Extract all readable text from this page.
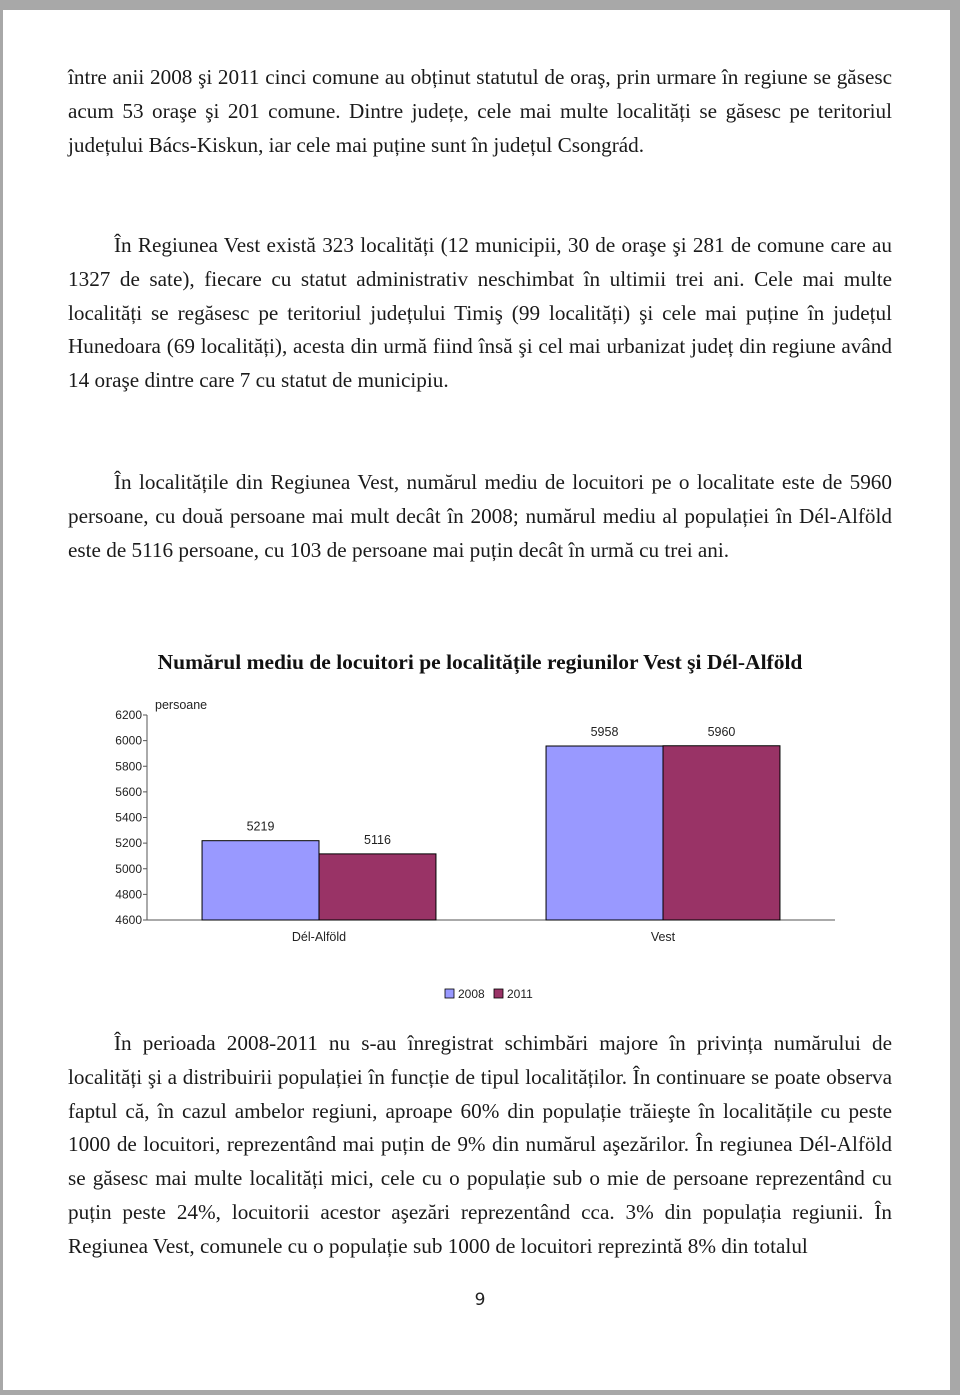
între anii 2008 şi 2011 cinci comune au obținut statutul de oraş, prin urmare în regiune se găsesc acum 53 oraşe şi 201 comune. Dintre județe, cele mai multe localități se găsesc pe teritoriul județului Bács-Kiskun, iar cele mai puține sunt în județul Csongrád.

În Regiunea Vest există 323 localități (12 municipii, 30 de oraşe şi 281 de comune care au 1327 de sate), fiecare cu statut administrativ neschimbat în ultimii trei ani. Cele mai multe localități se regăsesc pe teritoriul județului Timiş (99 localități) şi cele mai puține în județul Hunedoara (69 localități), acesta din urmă fiind însă şi cel mai urbanizat județ din regiune având 14 oraşe dintre care 7 cu statut de municipiu.

În localitățile din Regiunea Vest, numărul mediu de locuitori pe o localitate este de 5960 persoane, cu două persoane mai mult decât în 2008; numărul mediu al populației în Dél-Alföld este de 5116 persoane, cu 103 de persoane mai puțin decât în urmă cu trei ani.

Numărul mediu de locuitori pe localitățile regiunilor Vest şi Dél-Alföld
persoane
4600
4800
5000
5200
5400
5600
5800
6000
6200
5219
5116
Dél-Alföld
5958	5960
Vest
2008 2011

În perioada 2008-2011 nu s-au înregistrat schimbări majore în privința numărului de localități şi a distribuirii populației în funcție de tipul localităților. În continuare se poate observa faptul că, în cazul ambelor regiuni, aproape 60% din populație trăieşte în localitățile cu peste 1000 de locuitori, reprezentând mai puțin de 9% din numărul aşezărilor. În regiunea Dél-Alföld se găsesc mai multe localități mici, cele cu o populație sub o mie de persoane reprezentând cu puțin peste 24%, locuitorii acestor aşezări reprezentând cca. 3% din populația regiunii. În Regiunea Vest, comunele cu o populație sub 1000 de locuitori reprezintă 8% din totalul

9
